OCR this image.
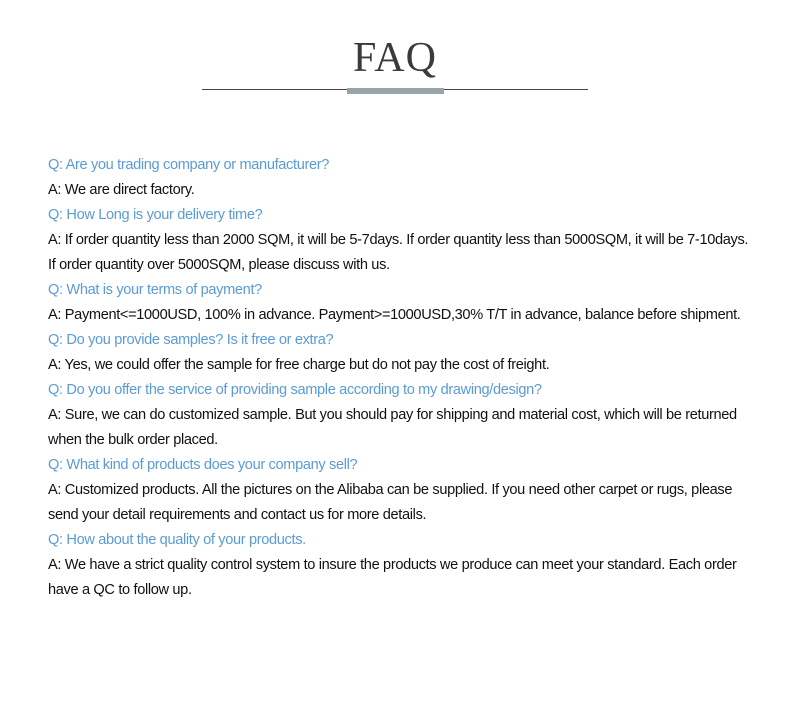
FAQ
Q: Are you trading company or manufacturer?
A: We are direct factory.
Q: How Long is your delivery time?
A: If order quantity less than 2000 SQM, it will be 5-7days. If order quantity less than 5000SQM, it will be 7-10days.
If order quantity over 5000SQM, please discuss with us.
Q: What is your terms of payment?
A: Payment<=1000USD, 100% in advance. Payment>=1000USD,30% T/T in advance, balance before shipment.
Q: Do you provide samples? Is it free or extra?
A: Yes, we could offer the sample for free charge but do not pay the cost of freight.
Q: Do you offer the service of providing sample according to my drawing/design?
A: Sure, we can do customized sample. But you should pay for shipping and material cost, which will be returned
when the bulk order placed.
Q: What kind of products does your company sell?
A: Customized products. All the pictures on the Alibaba can be supplied. If you need other carpet or rugs, please
send your detail requirements and contact us for more details.
Q: How about the quality of your products.
A: We have a strict quality control system to insure the products we produce can meet your standard. Each order
have a QC to follow up.
